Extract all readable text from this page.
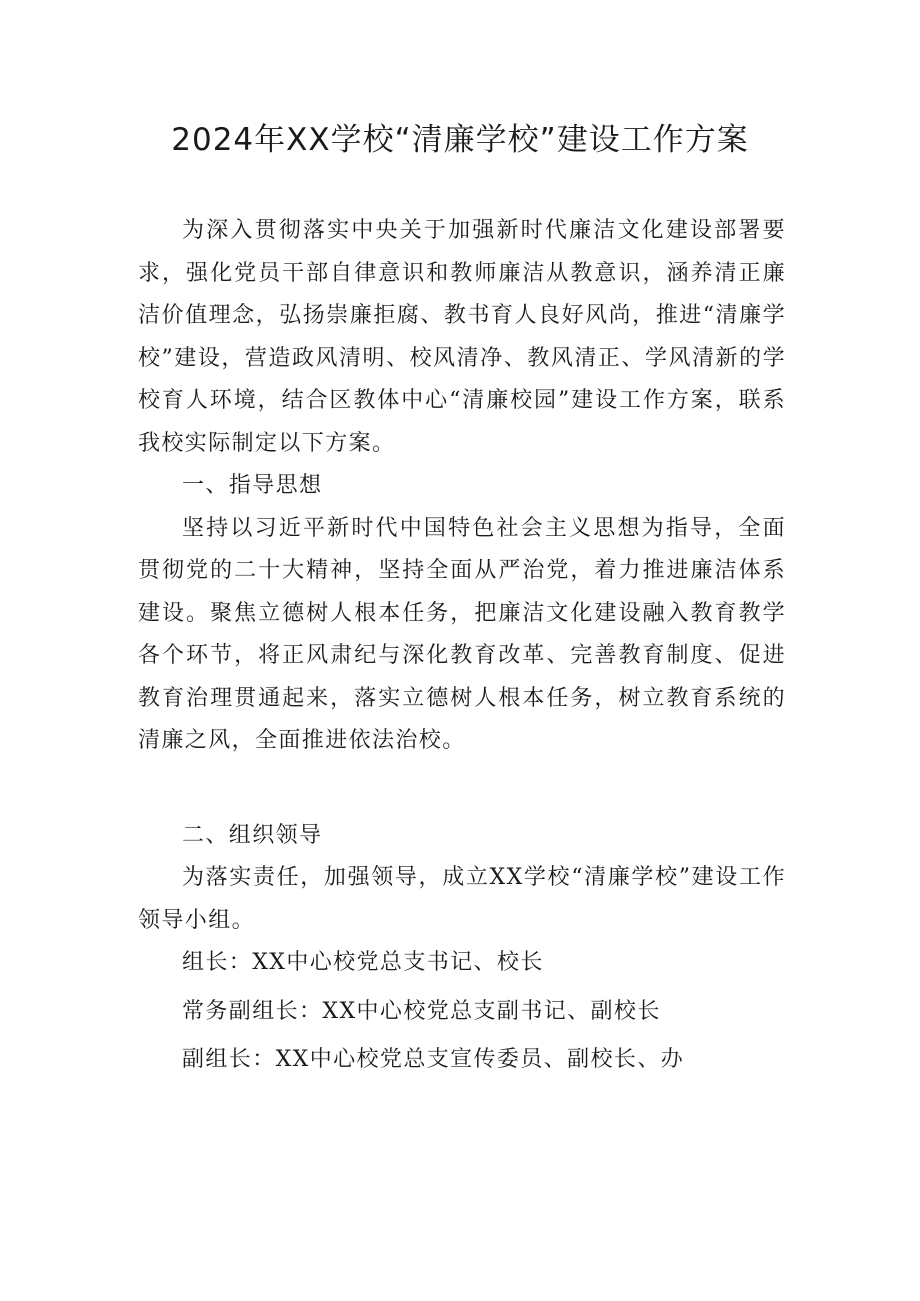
2024年XX学校“清廉学校”建设工作方案

为深入贯彻落实中央关于加强新时代廉洁文化建设部署要求，强化党员干部自律意识和教师廉洁从教意识，涵养清正廉洁价值理念，弘扬崇廉拒腐、教书育人良好风尚，推进“清廉学校”建设，营造政风清明、校风清净、教风清正、学风清新的学校育人环境，结合区教体中心“清廉校园”建设工作方案，联系我校实际制定以下方案。

一、指导思想

坚持以习近平新时代中国特色社会主义思想为指导，全面贯彻党的二十大精神，坚持全面从严治党，着力推进廉洁体系建设。聚焦立德树人根本任务，把廉洁文化建设融入教育教学各个环节，将正风肃纪与深化教育改革、完善教育制度、促进教育治理贯通起来，落实立德树人根本任务，树立教育系统的清廉之风，全面推进依法治校。

二、组织领导

为落实责任，加强领导，成立XX学校“清廉学校”建设工作领导小组。

组长：XX中心校党总支书记、校长

常务副组长：XX中心校党总支副书记、副校长

副组长：XX中心校党总支宣传委员、副校长、办
